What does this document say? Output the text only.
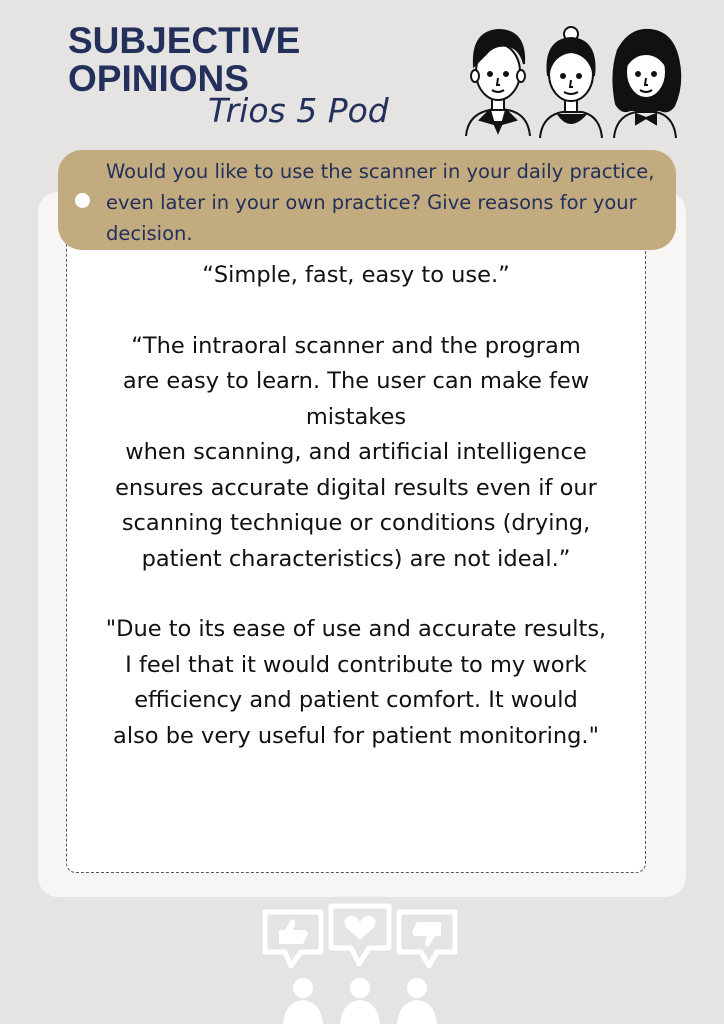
SUBJECTIVE
OPINIONS
Trios 5 Pod

Would you like to use the scanner in your daily practice, even later in your own practice? Give reasons for your decision.

“Simple, fast, easy to use.”

“The intraoral scanner and the program
are easy to learn. The user can make few
mistakes
when scanning, and artificial intelligence
ensures accurate digital results even if our
scanning technique or conditions (drying,
patient characteristics) are not ideal.”

"Due to its ease of use and accurate results,
I feel that it would contribute to my work
efficiency and patient comfort. It would
also be very useful for patient monitoring."
